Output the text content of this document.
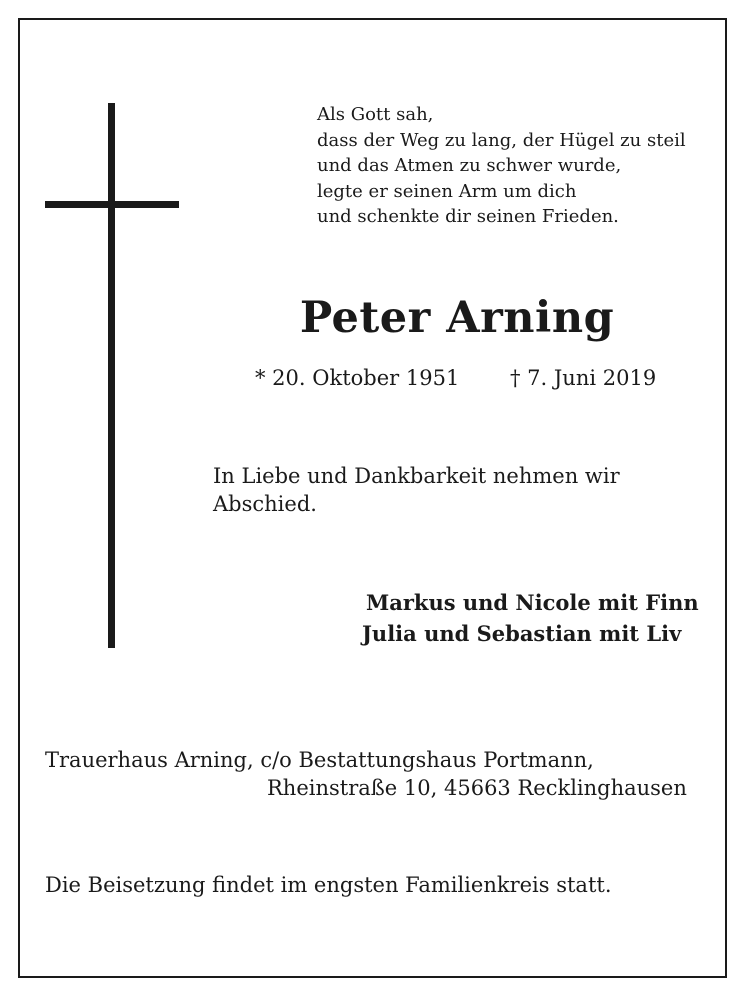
Als Gott sah,
dass der Weg zu lang, der Hügel zu steil
und das Atmen zu schwer wurde,
legte er seinen Arm um dich
und schenkte dir seinen Frieden.

Peter Arning
* 20. Oktober 1951 † 7. Juni 2019

In Liebe und Dankbarkeit nehmen wir
Abschied.

Markus und Nicole mit Finn
Julia und Sebastian mit Liv

Trauerhaus Arning, c/o Bestattungshaus Portmann,
Rheinstraße 10, 45663 Recklinghausen

Die Beisetzung findet im engsten Familienkreis statt.
